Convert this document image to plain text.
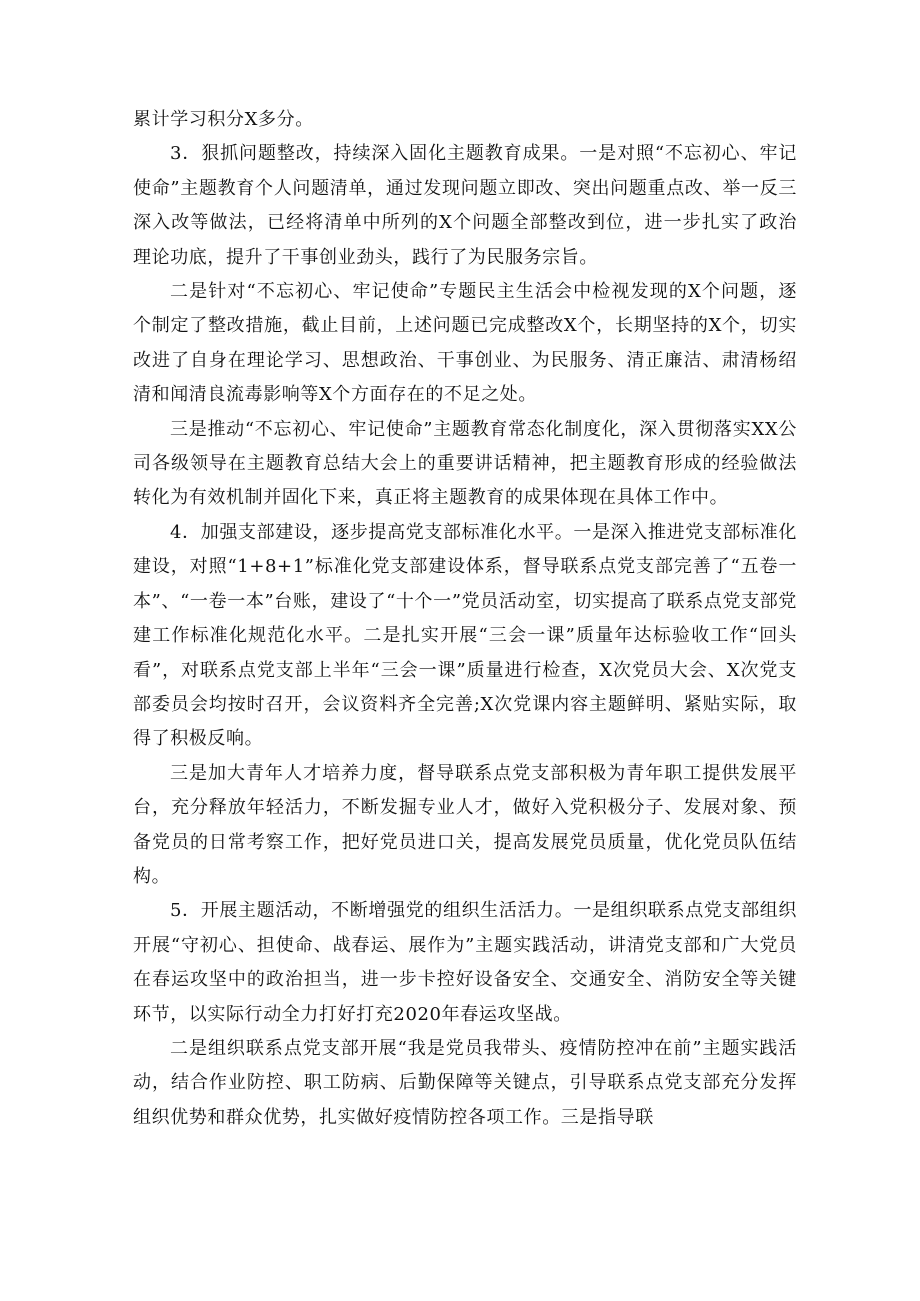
累计学习积分X多分。

3．狠抓问题整改，持续深入固化主题教育成果。一是对照“不忘初心、牢记使命”主题教育个人问题清单，通过发现问题立即改、突出问题重点改、举一反三深入改等做法，已经将清单中所列的X个问题全部整改到位，进一步扎实了政治理论功底，提升了干事创业劲头，践行了为民服务宗旨。

二是针对“不忘初心、牢记使命”专题民主生活会中检视发现的X个问题，逐个制定了整改措施，截止目前，上述问题已完成整改X个，长期坚持的X个，切实改进了自身在理论学习、思想政治、干事创业、为民服务、清正廉洁、肃清杨绍清和闻清良流毒影响等X个方面存在的不足之处。

三是推动“不忘初心、牢记使命”主题教育常态化制度化，深入贯彻落实XX公司各级领导在主题教育总结大会上的重要讲话精神，把主题教育形成的经验做法转化为有效机制并固化下来，真正将主题教育的成果体现在具体工作中。

4．加强支部建设，逐步提高党支部标准化水平。一是深入推进党支部标准化建设，对照“1+8+1”标准化党支部建设体系，督导联系点党支部完善了“五卷一本”、“一卷一本”台账，建设了“十个一”党员活动室，切实提高了联系点党支部党建工作标准化规范化水平。二是扎实开展“三会一课”质量年达标验收工作“回头看”，对联系点党支部上半年“三会一课”质量进行检查，X次党员大会、X次党支部委员会均按时召开，会议资料齐全完善;X次党课内容主题鲜明、紧贴实际，取得了积极反响。

三是加大青年人才培养力度，督导联系点党支部积极为青年职工提供发展平台，充分释放年轻活力，不断发掘专业人才，做好入党积极分子、发展对象、预备党员的日常考察工作，把好党员进口关，提高发展党员质量，优化党员队伍结构。

5．开展主题活动，不断增强党的组织生活活力。一是组织联系点党支部组织开展“守初心、担使命、战春运、展作为”主题实践活动，讲清党支部和广大党员在春运攻坚中的政治担当，进一步卡控好设备安全、交通安全、消防安全等关键环节，以实际行动全力打好打充2020年春运攻坚战。

二是组织联系点党支部开展“我是党员我带头、疫情防控冲在前”主题实践活动，结合作业防控、职工防病、后勤保障等关键点，引导联系点党支部充分发挥组织优势和群众优势，扎实做好疫情防控各项工作。三是指导联
